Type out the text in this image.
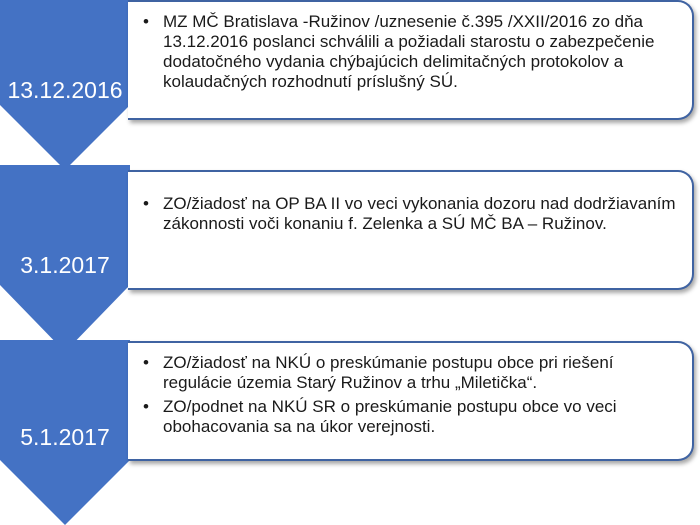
13.12.2016
3.1.2017
5.1.2017
• MZ MČ Bratislava -Ružinov /uznesenie č.395 /XXII/2016 zo dňa 13.12.2016 poslanci schválili a požiadali starostu o zabezpečenie dodatočného vydania chýbajúcich delimitačných protokolov a kolaudačných rozhodnutí príslušný SÚ.
• ZO/žiadosť na OP BA II vo veci vykonania dozoru nad dodržiavaním zákonnosti voči konaniu f. Zelenka a SÚ MČ BA – Ružinov.
• ZO/žiadosť na NKÚ o preskúmanie postupu obce pri riešení regulácie územia Starý Ružinov a trhu „Miletička“.
• ZO/podnet na NKÚ SR o preskúmanie postupu obce vo veci obohacovania sa na úkor verejnosti.
